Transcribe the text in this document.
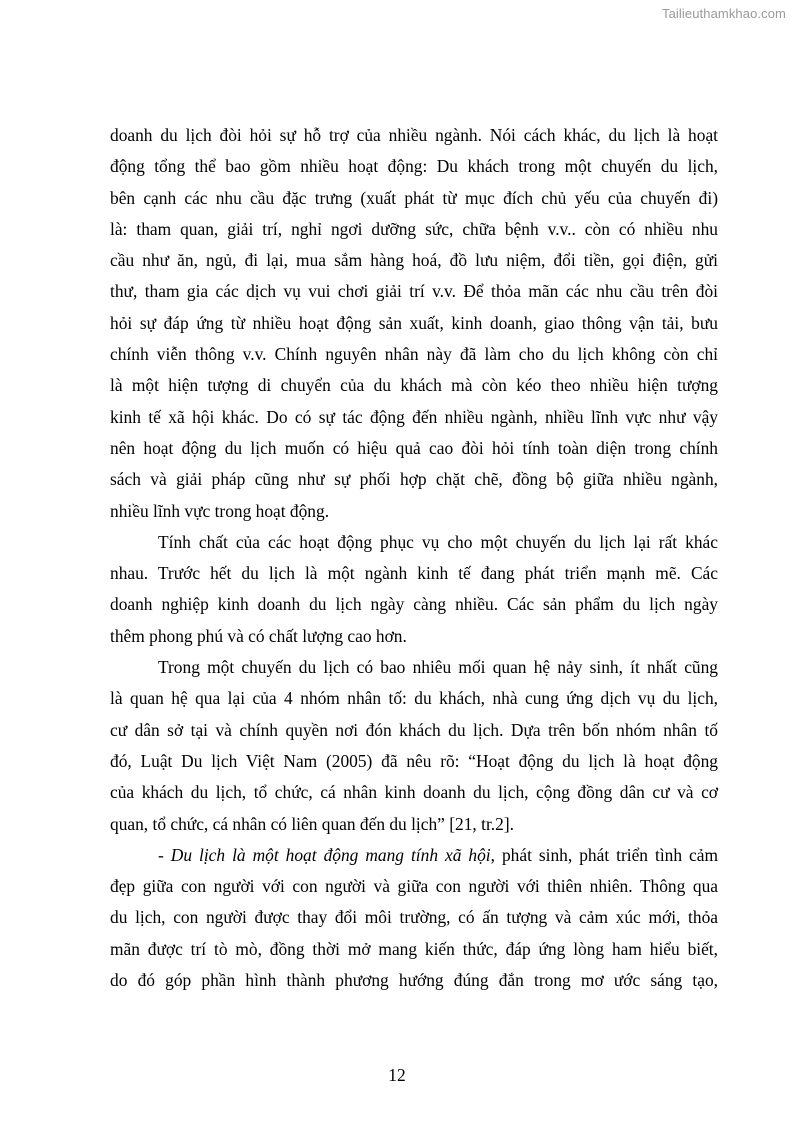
Tailieuthamkhao.com
doanh du lịch đòi hỏi sự hỗ trợ của nhiều ngành. Nói cách khác, du lịch là hoạt
động tổng thể bao gồm nhiều hoạt động: Du khách trong một chuyến du lịch,
bên cạnh các nhu cầu đặc trưng (xuất phát từ mục đích chủ yếu của chuyến đi)
là: tham quan, giải trí, nghỉ ngơi dưỡng sức, chữa bệnh v.v.. còn có nhiều nhu
cầu như ăn, ngủ, đi lại, mua sắm hàng hoá, đồ lưu niệm, đổi tiền, gọi điện, gửi
thư, tham gia các dịch vụ vui chơi giải trí v.v. Để thỏa mãn các nhu cầu trên đòi
hỏi sự đáp ứng từ nhiều hoạt động sản xuất, kinh doanh, giao thông vận tải, bưu
chính viễn thông v.v. Chính nguyên nhân này đã làm cho du lịch không còn chỉ
là một hiện tượng di chuyển của du khách mà còn kéo theo nhiều hiện tượng
kinh tế xã hội khác. Do có sự tác động đến nhiều ngành, nhiều lĩnh vực như vậy
nên hoạt động du lịch muốn có hiệu quả cao đòi hỏi tính toàn diện trong chính
sách và giải pháp cũng như sự phối hợp chặt chẽ, đồng bộ giữa nhiều ngành,
nhiều lĩnh vực trong hoạt động.
Tính chất của các hoạt động phục vụ cho một chuyến du lịch lại rất khác
nhau. Trước hết du lịch là một ngành kinh tế đang phát triển mạnh mẽ. Các
doanh nghiệp kinh doanh du lịch ngày càng nhiều. Các sản phẩm du lịch ngày
thêm phong phú và có chất lượng cao hơn.
Trong một chuyến du lịch có bao nhiêu mối quan hệ nảy sinh, ít nhất cũng
là quan hệ qua lại của 4 nhóm nhân tố: du khách, nhà cung ứng dịch vụ du lịch,
cư dân sở tại và chính quyền nơi đón khách du lịch. Dựa trên bốn nhóm nhân tố
đó, Luật Du lịch Việt Nam (2005) đã nêu rõ: “Hoạt động du lịch là hoạt động
của khách du lịch, tổ chức, cá nhân kinh doanh du lịch, cộng đồng dân cư và cơ
quan, tổ chức, cá nhân có liên quan đến du lịch” [21, tr.2].
- Du lịch là một hoạt động mang tính xã hội, phát sinh, phát triển tình cảm
đẹp giữa con người với con người và giữa con người với thiên nhiên. Thông qua
du lịch, con người được thay đổi môi trường, có ấn tượng và cảm xúc mới, thỏa
mãn được trí tò mò, đồng thời mở mang kiến thức, đáp ứng lòng ham hiểu biết,
do đó góp phần hình thành phương hướng đúng đắn trong mơ ước sáng tạo,
12
